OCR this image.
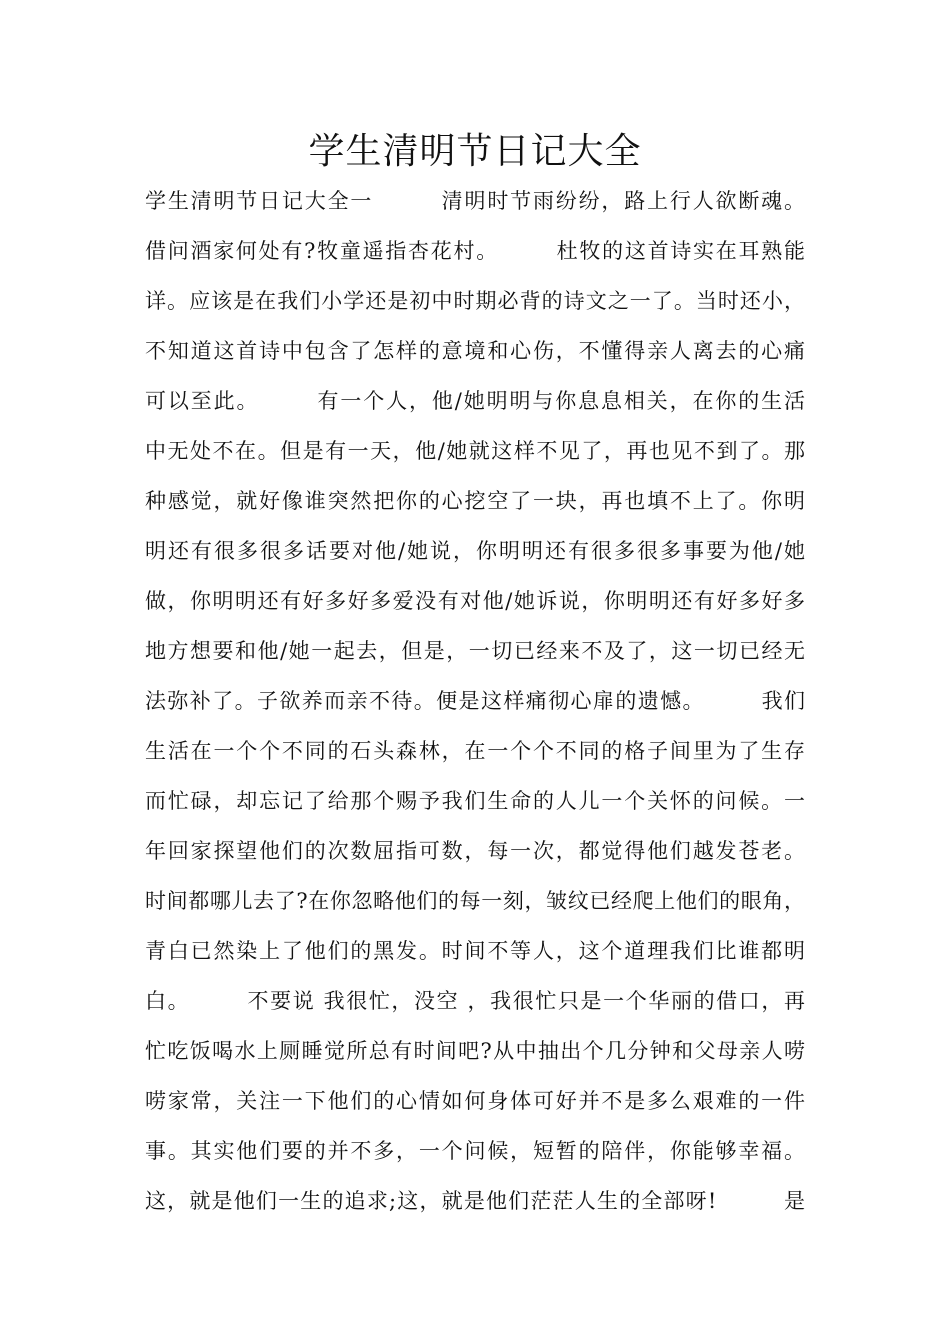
学生清明节日记大全
学生清明节日记大全一　　　清明时节雨纷纷，路上行人欲断魂。
借问酒家何处有?牧童遥指杏花村。　　　杜牧的这首诗实在耳熟能
详。应该是在我们小学还是初中时期必背的诗文之一了。当时还小，
不知道这首诗中包含了怎样的意境和心伤，不懂得亲人离去的心痛
可以至此。　　　有一个人，他/她明明与你息息相关，在你的生活
中无处不在。但是有一天，他/她就这样不见了，再也见不到了。那
种感觉，就好像谁突然把你的心挖空了一块，再也填不上了。你明
明还有很多很多话要对他/她说，你明明还有很多很多事要为他/她
做，你明明还有好多好多爱没有对他/她诉说，你明明还有好多好多
地方想要和他/她一起去，但是，一切已经来不及了，这一切已经无
法弥补了。子欲养而亲不待。便是这样痛彻心扉的遗憾。　　　我们
生活在一个个不同的石头森林，在一个个不同的格子间里为了生存
而忙碌，却忘记了给那个赐予我们生命的人儿一个关怀的问候。一
年回家探望他们的次数屈指可数，每一次，都觉得他们越发苍老。
时间都哪儿去了?在你忽略他们的每一刻，皱纹已经爬上他们的眼角，
青白已然染上了他们的黑发。时间不等人，这个道理我们比谁都明
白。　　　不要说 我很忙，没空 ，我很忙只是一个华丽的借口，再
忙吃饭喝水上厕睡觉所总有时间吧?从中抽出个几分钟和父母亲人唠
唠家常，关注一下他们的心情如何身体可好并不是多么艰难的一件
事。其实他们要的并不多，一个问候，短暂的陪伴，你能够幸福。
这，就是他们一生的追求;这，就是他们茫茫人生的全部呀!　　　是
